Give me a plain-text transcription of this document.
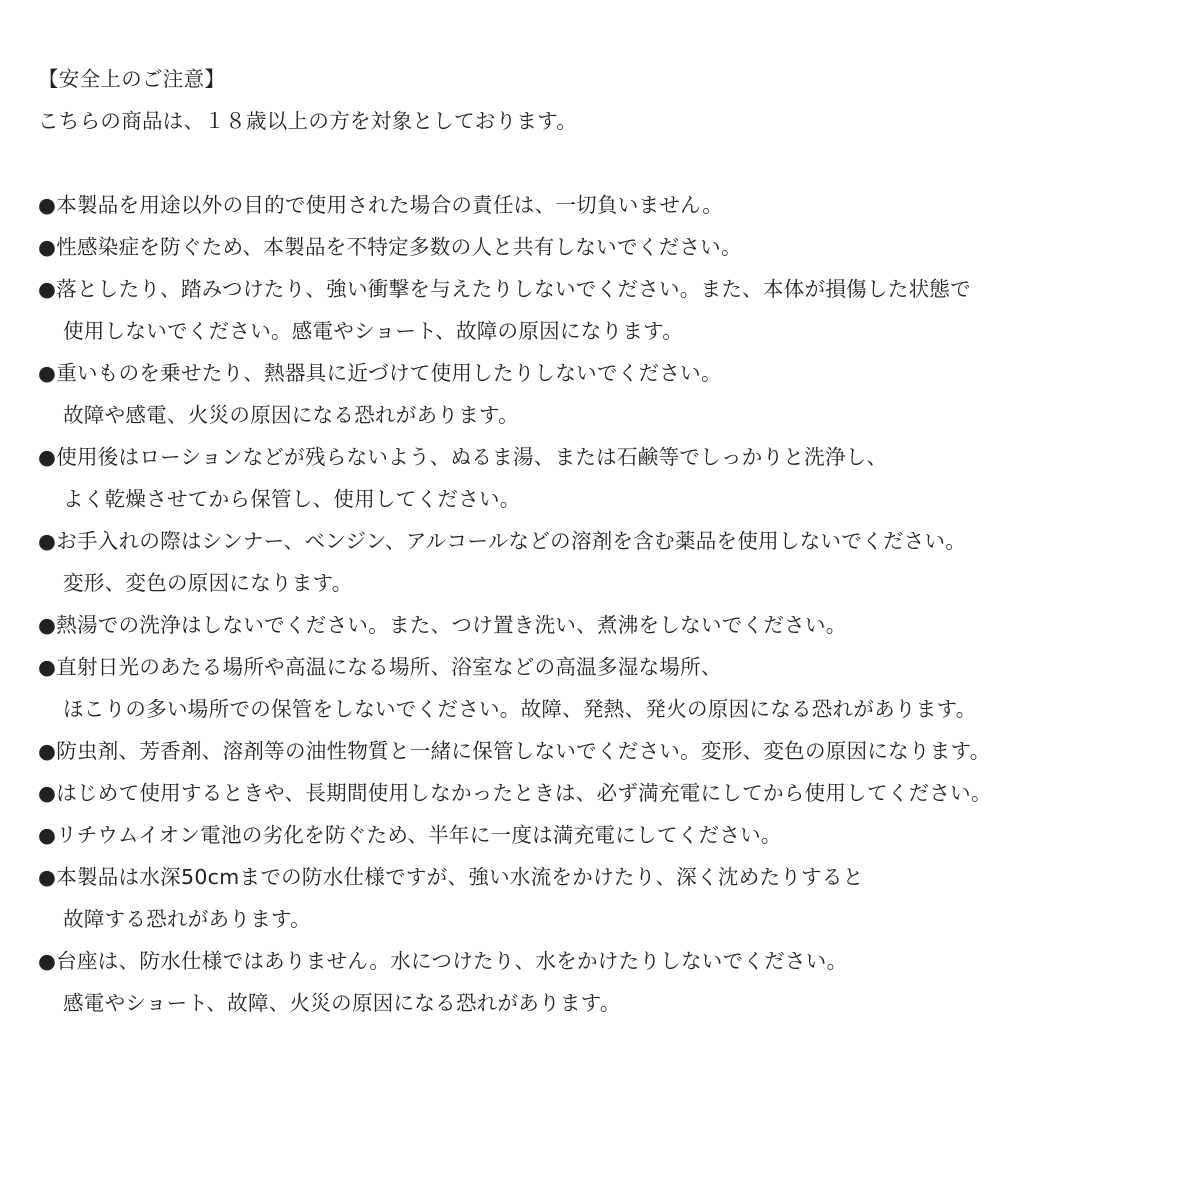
【安全上のご注意】
こちらの商品は、１８歳以上の方を対象としております。
●本製品を用途以外の目的で使用された場合の責任は、一切負いません。
●性感染症を防ぐため、本製品を不特定多数の人と共有しないでください。
●落としたり、踏みつけたり、強い衝撃を与えたりしないでください。また、本体が損傷した状態で
使用しないでください。感電やショート、故障の原因になります。
●重いものを乗せたり、熱器具に近づけて使用したりしないでください。
故障や感電、火災の原因になる恐れがあります。
●使用後はローションなどが残らないよう、ぬるま湯、または石鹸等でしっかりと洗浄し、
よく乾燥させてから保管し、使用してください。
●お手入れの際はシンナー、ベンジン、アルコールなどの溶剤を含む薬品を使用しないでください。
変形、変色の原因になります。
●熱湯での洗浄はしないでください。また、つけ置き洗い、煮沸をしないでください。
●直射日光のあたる場所や高温になる場所、浴室などの高温多湿な場所、
ほこりの多い場所での保管をしないでください。故障、発熱、発火の原因になる恐れがあります。
●防虫剤、芳香剤、溶剤等の油性物質と一緒に保管しないでください。変形、変色の原因になります。
●はじめて使用するときや、長期間使用しなかったときは、必ず満充電にしてから使用してください。
●リチウムイオン電池の劣化を防ぐため、半年に一度は満充電にしてください。
●本製品は水深50cmまでの防水仕様ですが、強い水流をかけたり、深く沈めたりすると
故障する恐れがあります。
●台座は、防水仕様ではありません。水につけたり、水をかけたりしないでください。
感電やショート、故障、火災の原因になる恐れがあります。
